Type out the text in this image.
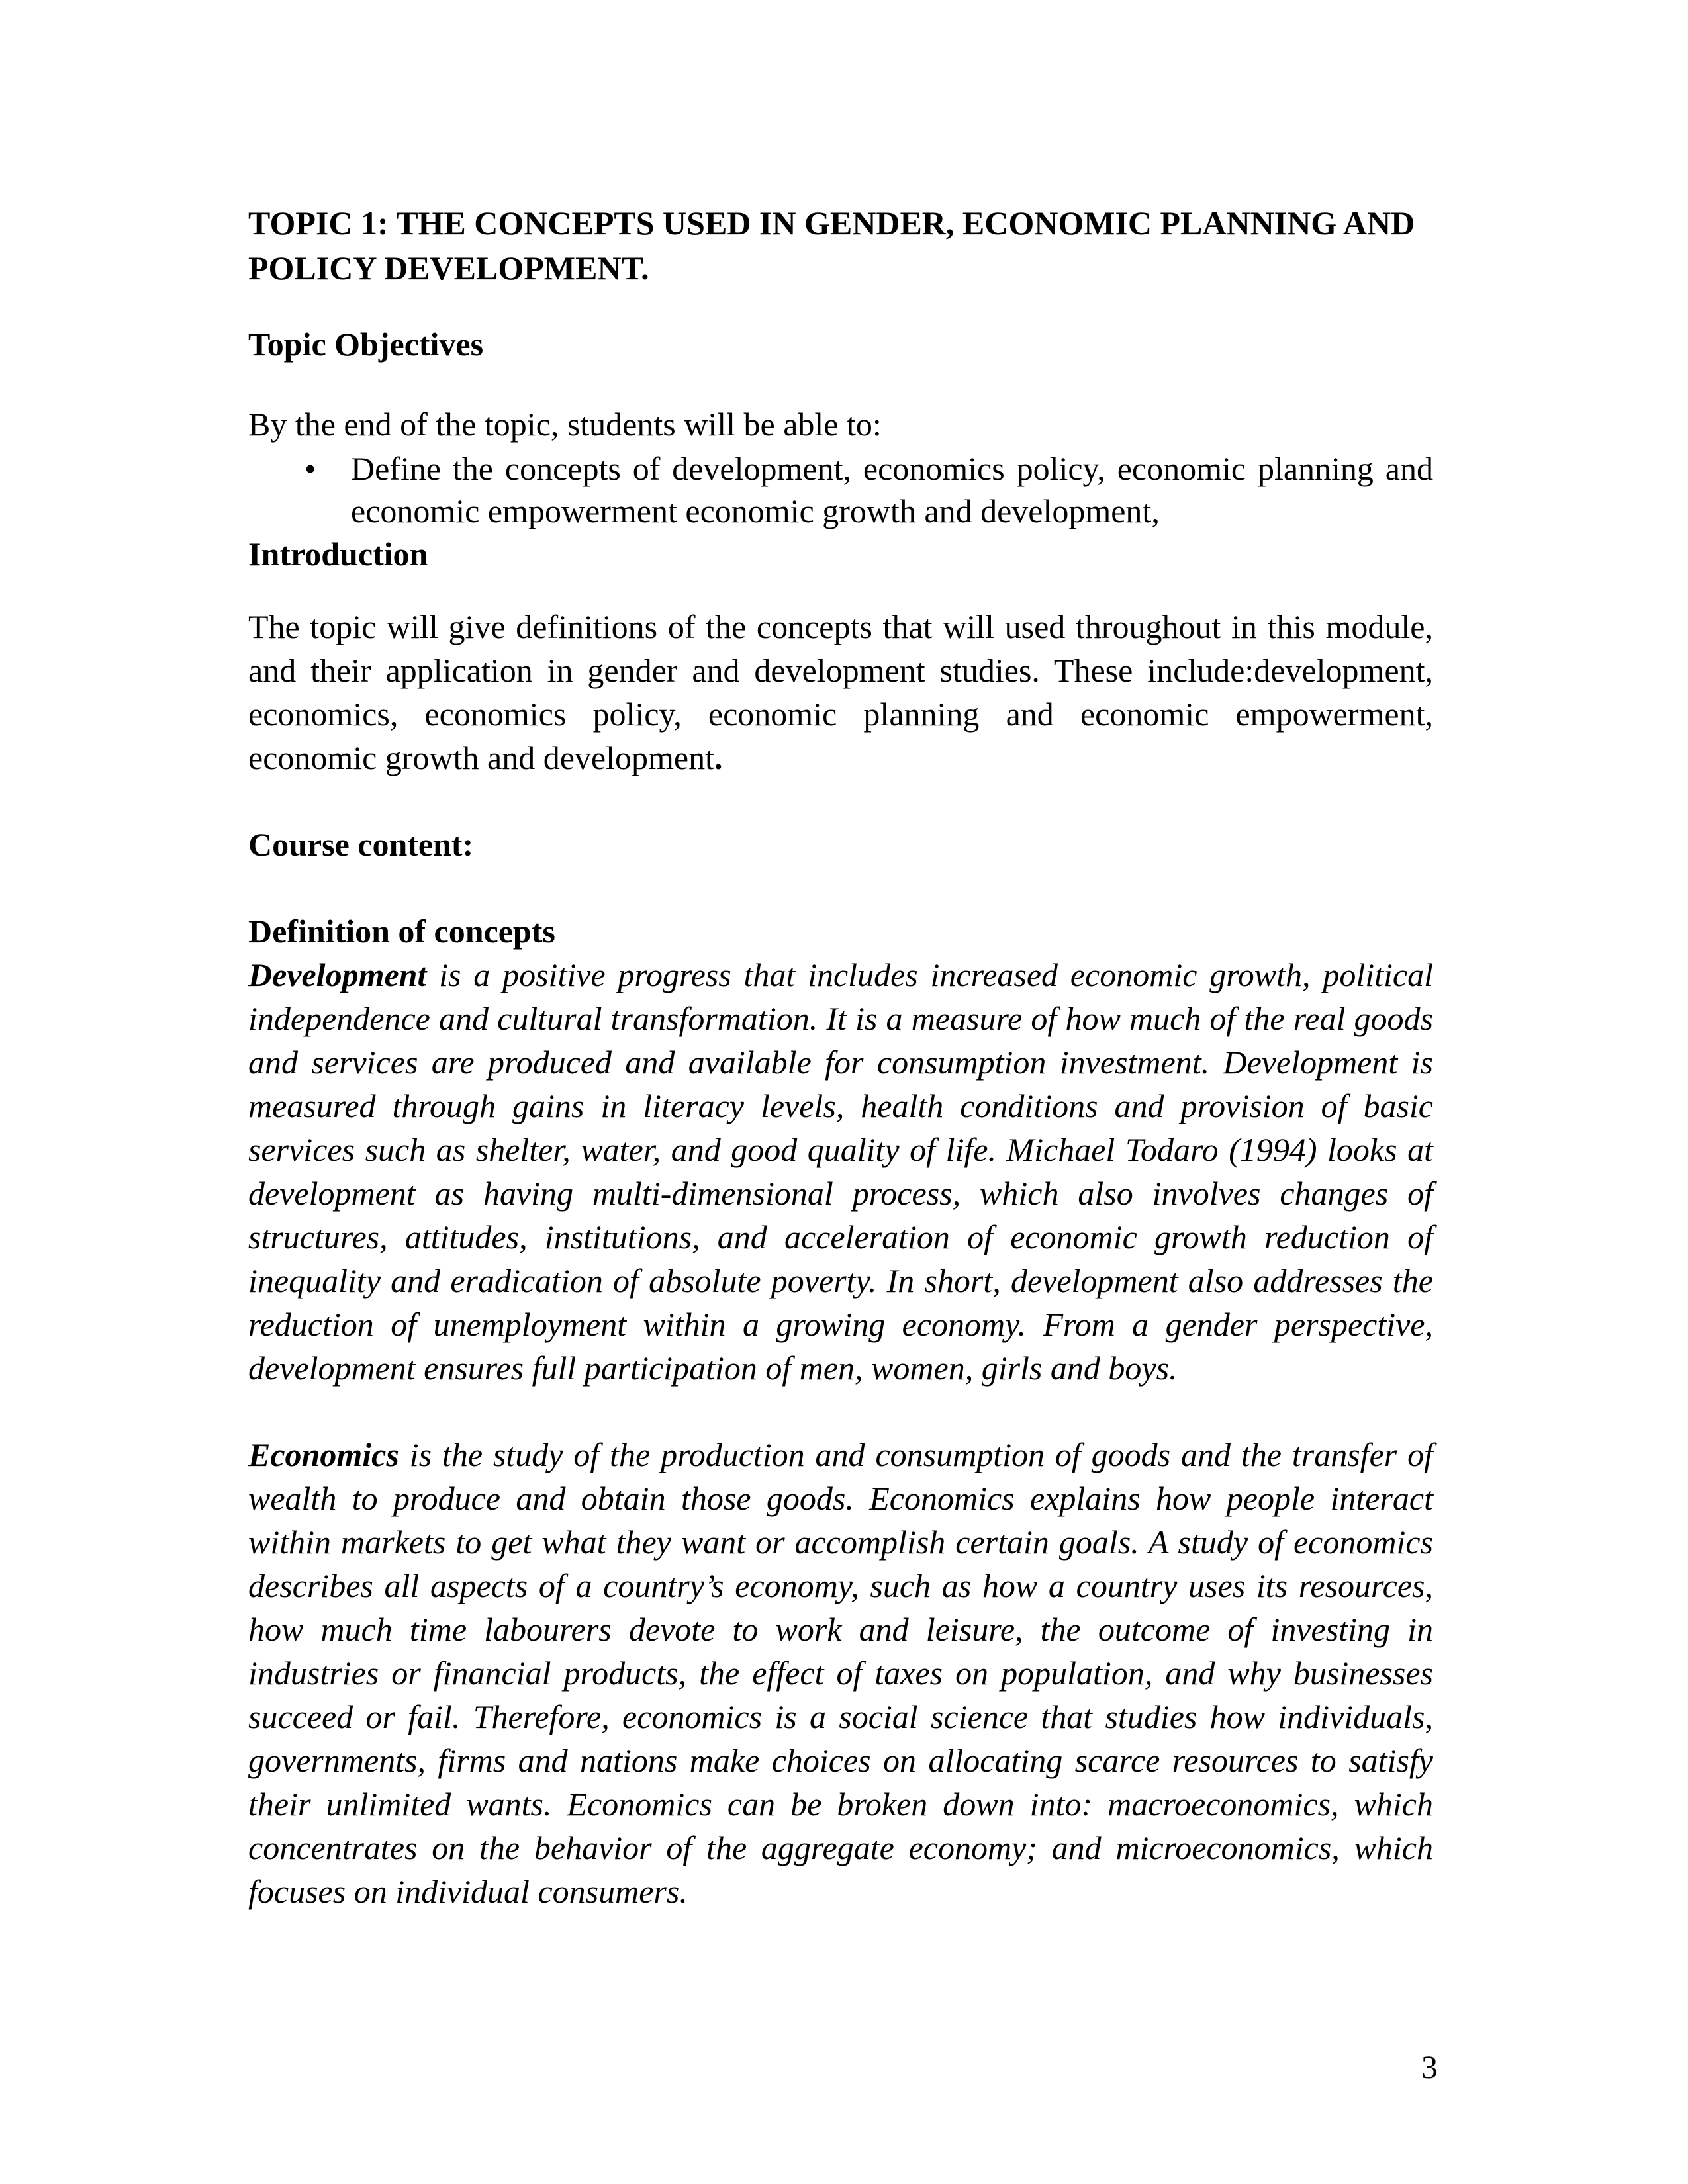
TOPIC 1: THE CONCEPTS USED IN GENDER, ECONOMIC PLANNING AND POLICY DEVELOPMENT.
Topic Objectives

By the end of the topic, students will be able to:

• Define the concepts of development, economics policy, economic planning and economic empowerment economic growth and development,
Introduction

The topic will give definitions of the concepts that will used throughout in this module, and their application in gender and development studies. These include:development, economics, economics policy, economic planning and economic empowerment, economic growth and development.

Course content:
Definition of concepts

Development is a positive progress that includes increased economic growth, political independence and cultural transformation. It is a measure of how much of the real goods and services are produced and available for consumption investment. Development is measured through gains in literacy levels, health conditions and provision of basic services such as shelter, water, and good quality of life. Michael Todaro (1994) looks at development as having multi-dimensional process, which also involves changes of structures, attitudes, institutions, and acceleration of economic growth reduction of inequality and eradication of absolute poverty. In short, development also addresses the reduction of unemployment within a growing economy. From a gender perspective, development ensures full participation of men, women, girls and boys.

Economics is the study of the production and consumption of goods and the transfer of wealth to produce and obtain those goods. Economics explains how people interact within markets to get what they want or accomplish certain goals. A study of economics describes all aspects of a country’s economy, such as how a country uses its resources, how much time labourers devote to work and leisure, the outcome of investing in industries or financial products, the effect of taxes on population, and why businesses succeed or fail. Therefore, economics is a social science that studies how individuals, governments, firms and nations make choices on allocating scarce resources to satisfy their unlimited wants. Economics can be broken down into: macroeconomics, which concentrates on the behavior of the aggregate economy; and microeconomics, which focuses on individual consumers.

3
